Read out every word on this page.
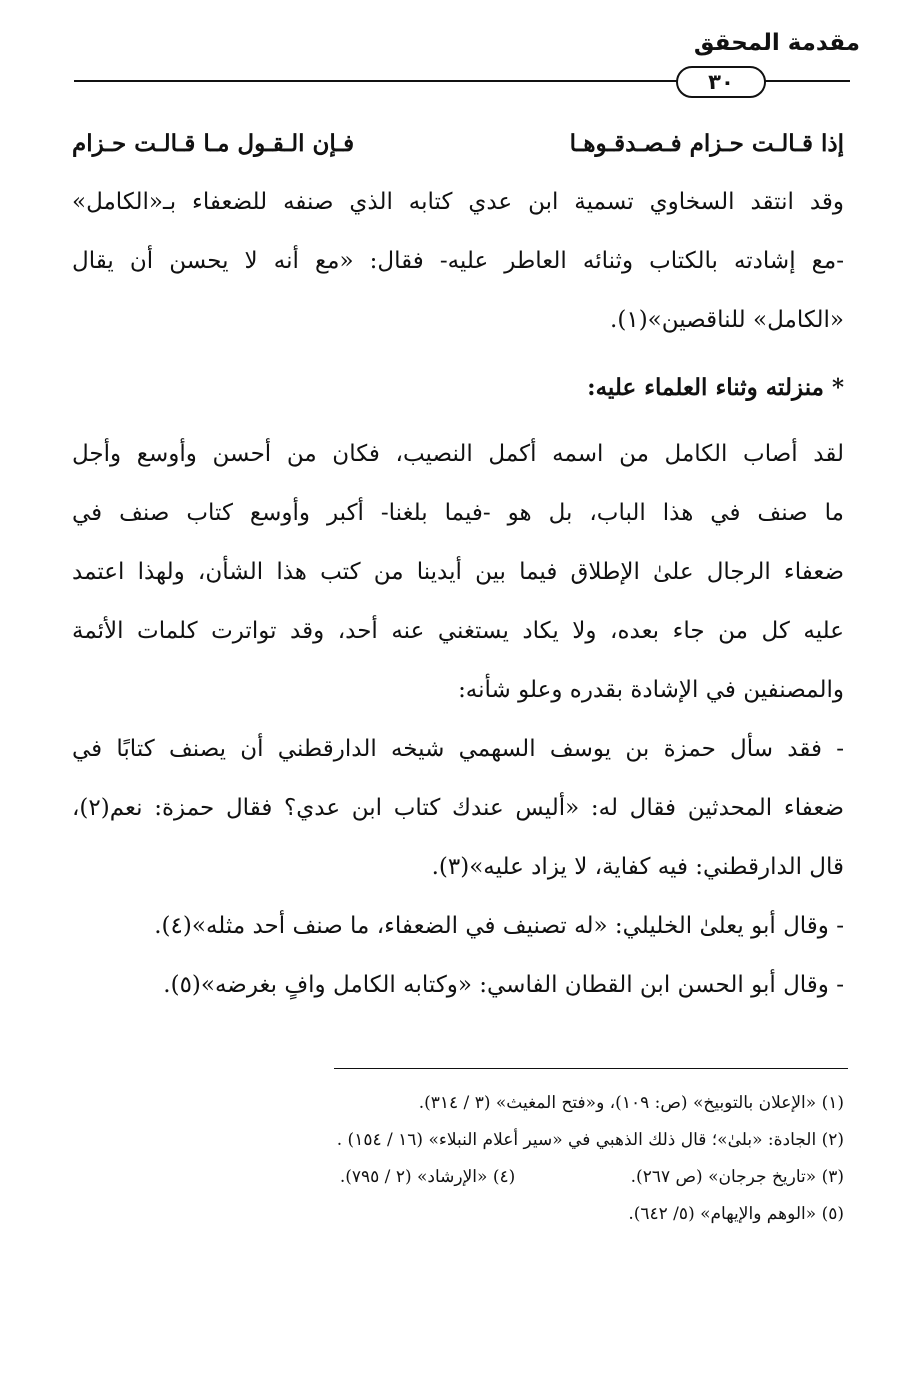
مقدمة المحقق
٣٠
إذا قـالـت حـزام فـصـدقـوهـا
فـإن الـقـول مـا قـالـت حـزام
وقد انتقد السخاوي تسمية ابن عدي كتابه الذي صنفه للضعفاء بـ«الكامل»
-مع إشادته بالكتاب وثنائه العاطر عليه- فقال: «مع أنه لا يحسن أن يقال
«الكامل» للناقصين»(١).
* منزلته وثناء العلماء عليه:
لقد أصاب الكامل من اسمه أكمل النصيب، فكان من أحسن وأوسع وأجل
ما صنف في هذا الباب، بل هو -فيما بلغنا- أكبر وأوسع كتاب صنف في
ضعفاء الرجال علىٰ الإطلاق فيما بين أيدينا من كتب هذا الشأن، ولهذا اعتمد
عليه كل من جاء بعده، ولا يكاد يستغني عنه أحد، وقد تواترت كلمات الأئمة
والمصنفين في الإشادة بقدره وعلو شأنه:
- فقد سأل حمزة بن يوسف السهمي شيخه الدارقطني أن يصنف كتابًا في
ضعفاء المحدثين فقال له: «أليس عندك كتاب ابن عدي؟ فقال حمزة: نعم(٢)،
قال الدارقطني: فيه كفاية، لا يزاد عليه»(٣).
- وقال أبو يعلىٰ الخليلي: «له تصنيف في الضعفاء، ما صنف أحد مثله»(٤).
- وقال أبو الحسن ابن القطان الفاسي: «وكتابه الكامل وافٍ بغرضه»(٥).
(١) «الإعلان بالتوبيخ» (ص: ١٠٩)، و«فتح المغيث» (٣ / ٣١٤).
(٢) الجادة: «بلىٰ»؛ قال ذلك الذهبي في «سير أعلام النبلاء» (١٦ / ١٥٤) .
(٣) «تاريخ جرجان» (ص ٢٦٧). (٤) «الإرشاد» (٢ / ٧٩٥).
(٥) «الوهم والإيهام» (٥/ ٦٤٢).
